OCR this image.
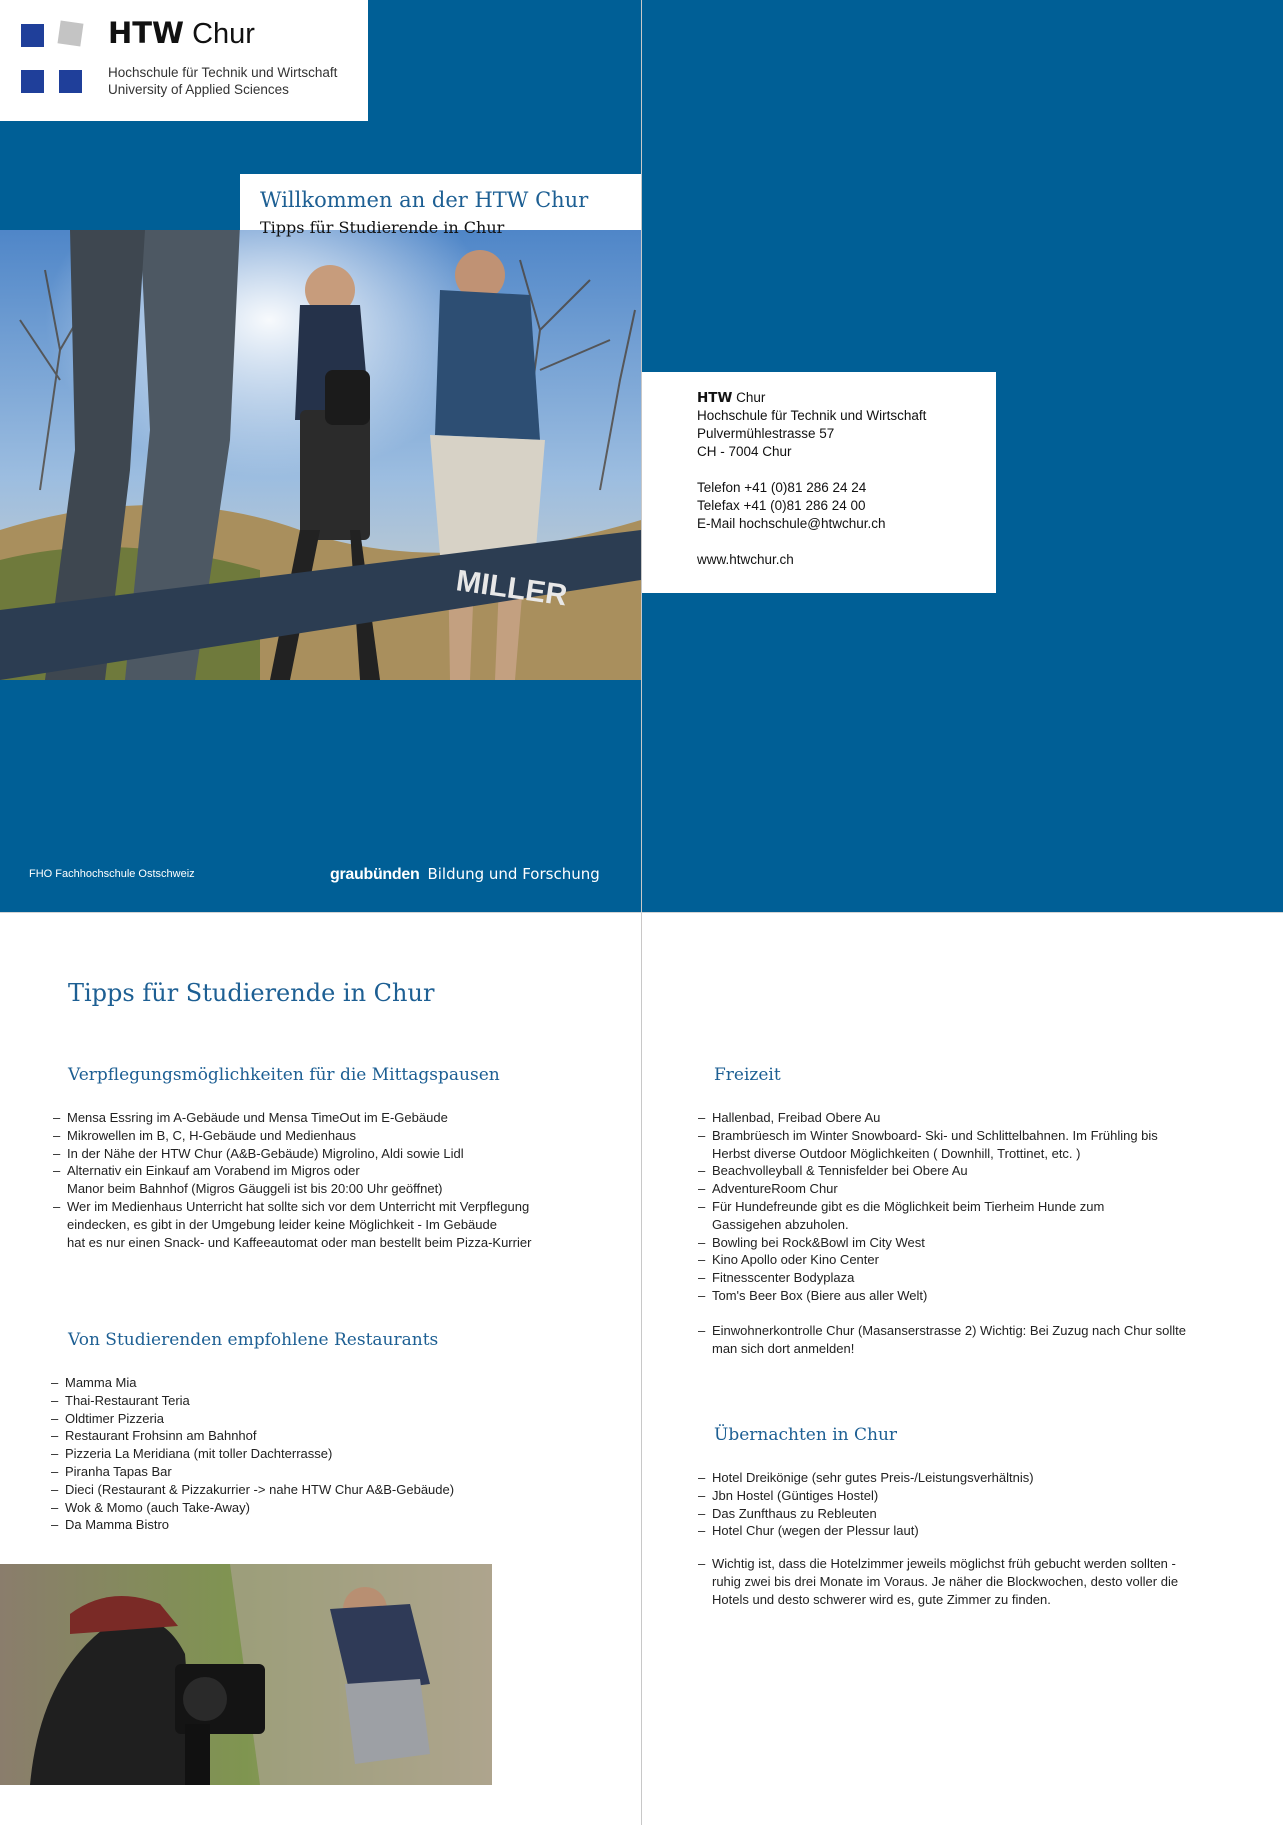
HTW Chur
Hochschule für Technik und Wirtschaft
University of Applied Sciences
MILLER
Willkommen an der HTW Chur
Tipps für Studierende in Chur
FHO Fachhochschule Ostschweiz	graubünden Bildung und Forschung
HTW Chur
Hochschule für Technik und Wirtschaft
Pulvermühlestrasse 57
CH - 7004 Chur
Telefon +41 (0)81 286 24 24
Telefax +41 (0)81 286 24 00
E-Mail hochschule@htwchur.ch
www.htwchur.ch
Tipps für Studierende in Chur
Verpflegungsmöglichkeiten für die Mittagspausen
– Mensa Essring im A-Gebäude und Mensa TimeOut im E-Gebäude
– Mikrowellen im B, C, H-Gebäude und Medienhaus
– In der Nähe der HTW Chur (A&B-Gebäude) Migrolino, Aldi sowie Lidl
– Alternativ ein Einkauf am Vorabend im Migros oder
Manor beim Bahnhof (Migros Gäuggeli ist bis 20:00 Uhr geöffnet)
– Wer im Medienhaus Unterricht hat sollte sich vor dem Unterricht mit Verpflegung
eindecken, es gibt in der Umgebung leider keine Möglichkeit - Im Gebäude
hat es nur einen Snack- und Kaffeeautomat oder man bestellt beim Pizza-Kurrier
Von Studierenden empfohlene Restaurants
– Mamma Mia
– Thai-Restaurant Teria
– Oldtimer Pizzeria
– Restaurant Frohsinn am Bahnhof
– Pizzeria La Meridiana (mit toller Dachterrasse)
– Piranha Tapas Bar
– Dieci (Restaurant & Pizzakurrier -> nahe HTW Chur A&B-Gebäude)
– Wok & Momo (auch Take-Away)
– Da Mamma Bistro
Freizeit
– Hallenbad, Freibad Obere Au
– Brambrüesch im Winter Snowboard- Ski- und Schlittelbahnen. Im Frühling bis
Herbst diverse Outdoor Möglichkeiten ( Downhill, Trottinet, etc. )
– Beachvolleyball & Tennisfelder bei Obere Au
– AdventureRoom Chur
– Für Hundefreunde gibt es die Möglichkeit beim Tierheim Hunde zum
Gassigehen abzuholen.
– Bowling bei Rock&Bowl im City West
– Kino Apollo oder Kino Center
– Fitnesscenter Bodyplaza
– Tom's Beer Box (Biere aus aller Welt)
– Einwohnerkontrolle Chur (Masanserstrasse 2) Wichtig: Bei Zuzug nach Chur sollte
man sich dort anmelden!
Übernachten in Chur
– Hotel Dreikönige (sehr gutes Preis-/Leistungsverhältnis)
– Jbn Hostel (Güntiges Hostel)
– Das Zunfthaus zu Rebleuten
– Hotel Chur (wegen der Plessur laut)
– Wichtig ist, dass die Hotelzimmer jeweils möglichst früh gebucht werden sollten -
ruhig zwei bis drei Monate im Voraus. Je näher die Blockwochen, desto voller die
Hotels und desto schwerer wird es, gute Zimmer zu finden.
